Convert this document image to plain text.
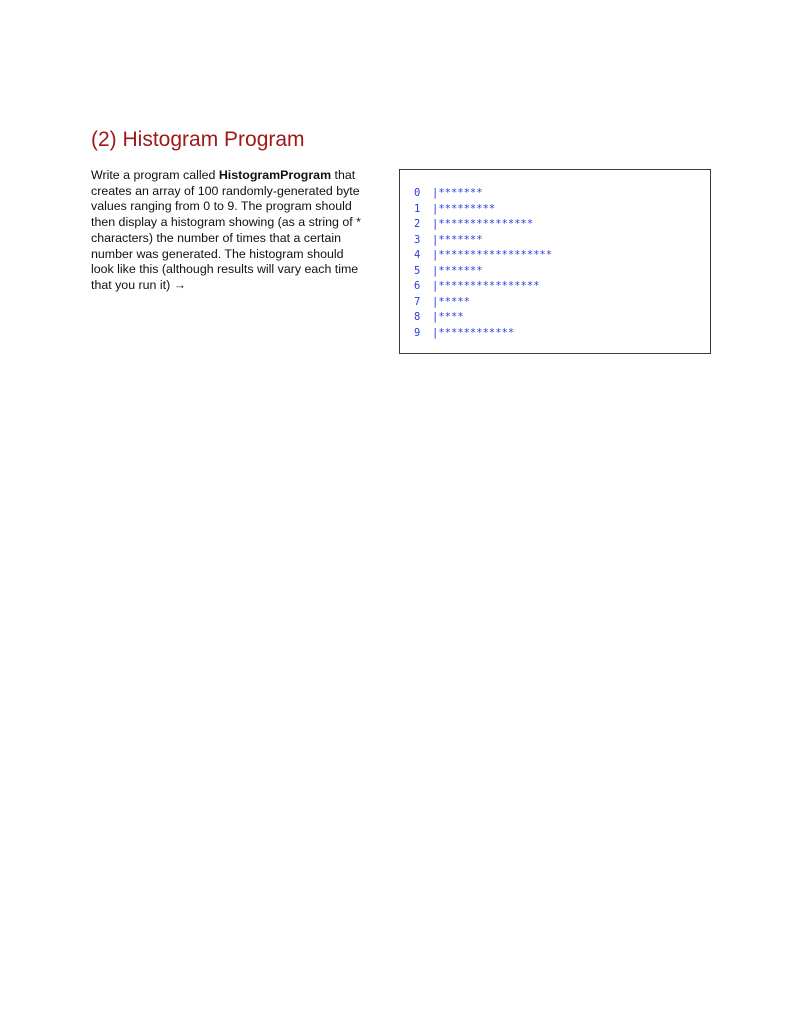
(2) Histogram Program

Write a program called HistogramProgram that
creates an array of 100 randomly-generated byte
values ranging from 0 to 9. The program should
then display a histogram showing (as a string of *
characters) the number of times that a certain
number was generated. The histogram should
look like this (although results will vary each time
that you run it) →

0 |*******
1 |*********
2 |***************
3 |*******
4 |******************
5 |*******
6 |****************
7 |*****
8 |****
9 |************
